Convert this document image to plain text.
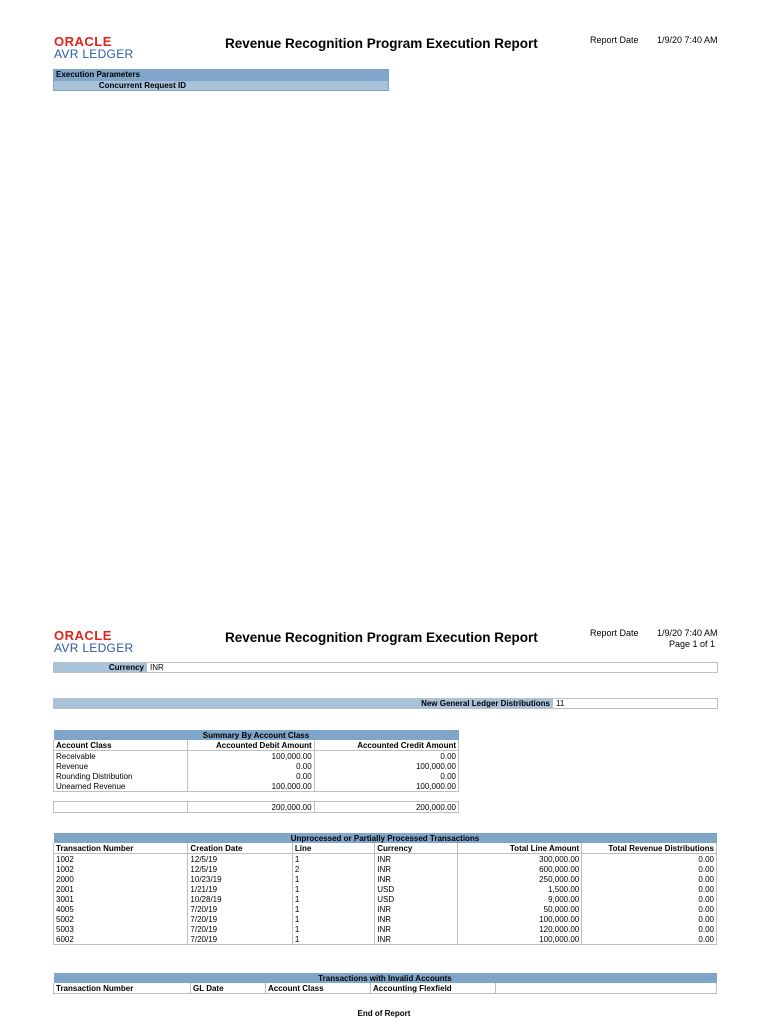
ORACLE
AVR LEDGER
Revenue Recognition Program Execution Report	Report Date 1/9/20 7:40 AM
Execution Parameters
Concurrent Request ID
ORACLE
AVR LEDGER
Revenue Recognition Program Execution Report	Report Date 1/9/20 7:40 AM
Page 1 of 1
Currency INR
New General Ledger Distributions 11
Summary By Account Class		
Account Class	Accounted Debit Amount	Accounted Credit Amount
Receivable	100,000.00	0.00
Revenue	0.00	100,000.00
Rounding Distribution	0.00	0.00
Unearned Revenue	100,000.00	100,000.00
	200,000.00	200,000.00
Unprocessed or Partially Processed Transactions					
Transaction Number	Creation Date	Line	Currency	Total Line Amount	Total Revenue Distributions
1002	12/5/19	1	INR	300,000.00	0.00
1002	12/5/19	2	INR	600,000.00	0.00
2000	10/23/19	1	INR	250,000.00	0.00
2001	1/21/19	1	USD	1,500.00	0.00
3001	10/28/19	1	USD	9,000.00	0.00
4005	7/20/19	1	INR	50,000.00	0.00
5002	7/20/19	1	INR	100,000.00	0.00
5003	7/20/19	1	INR	120,000.00	0.00
6002	7/20/19	1	INR	100,000.00	0.00
Transactions with Invalid Accounts
Transaction Number	GL Date	Account Class	Accounting Flexfield	
End of Report
